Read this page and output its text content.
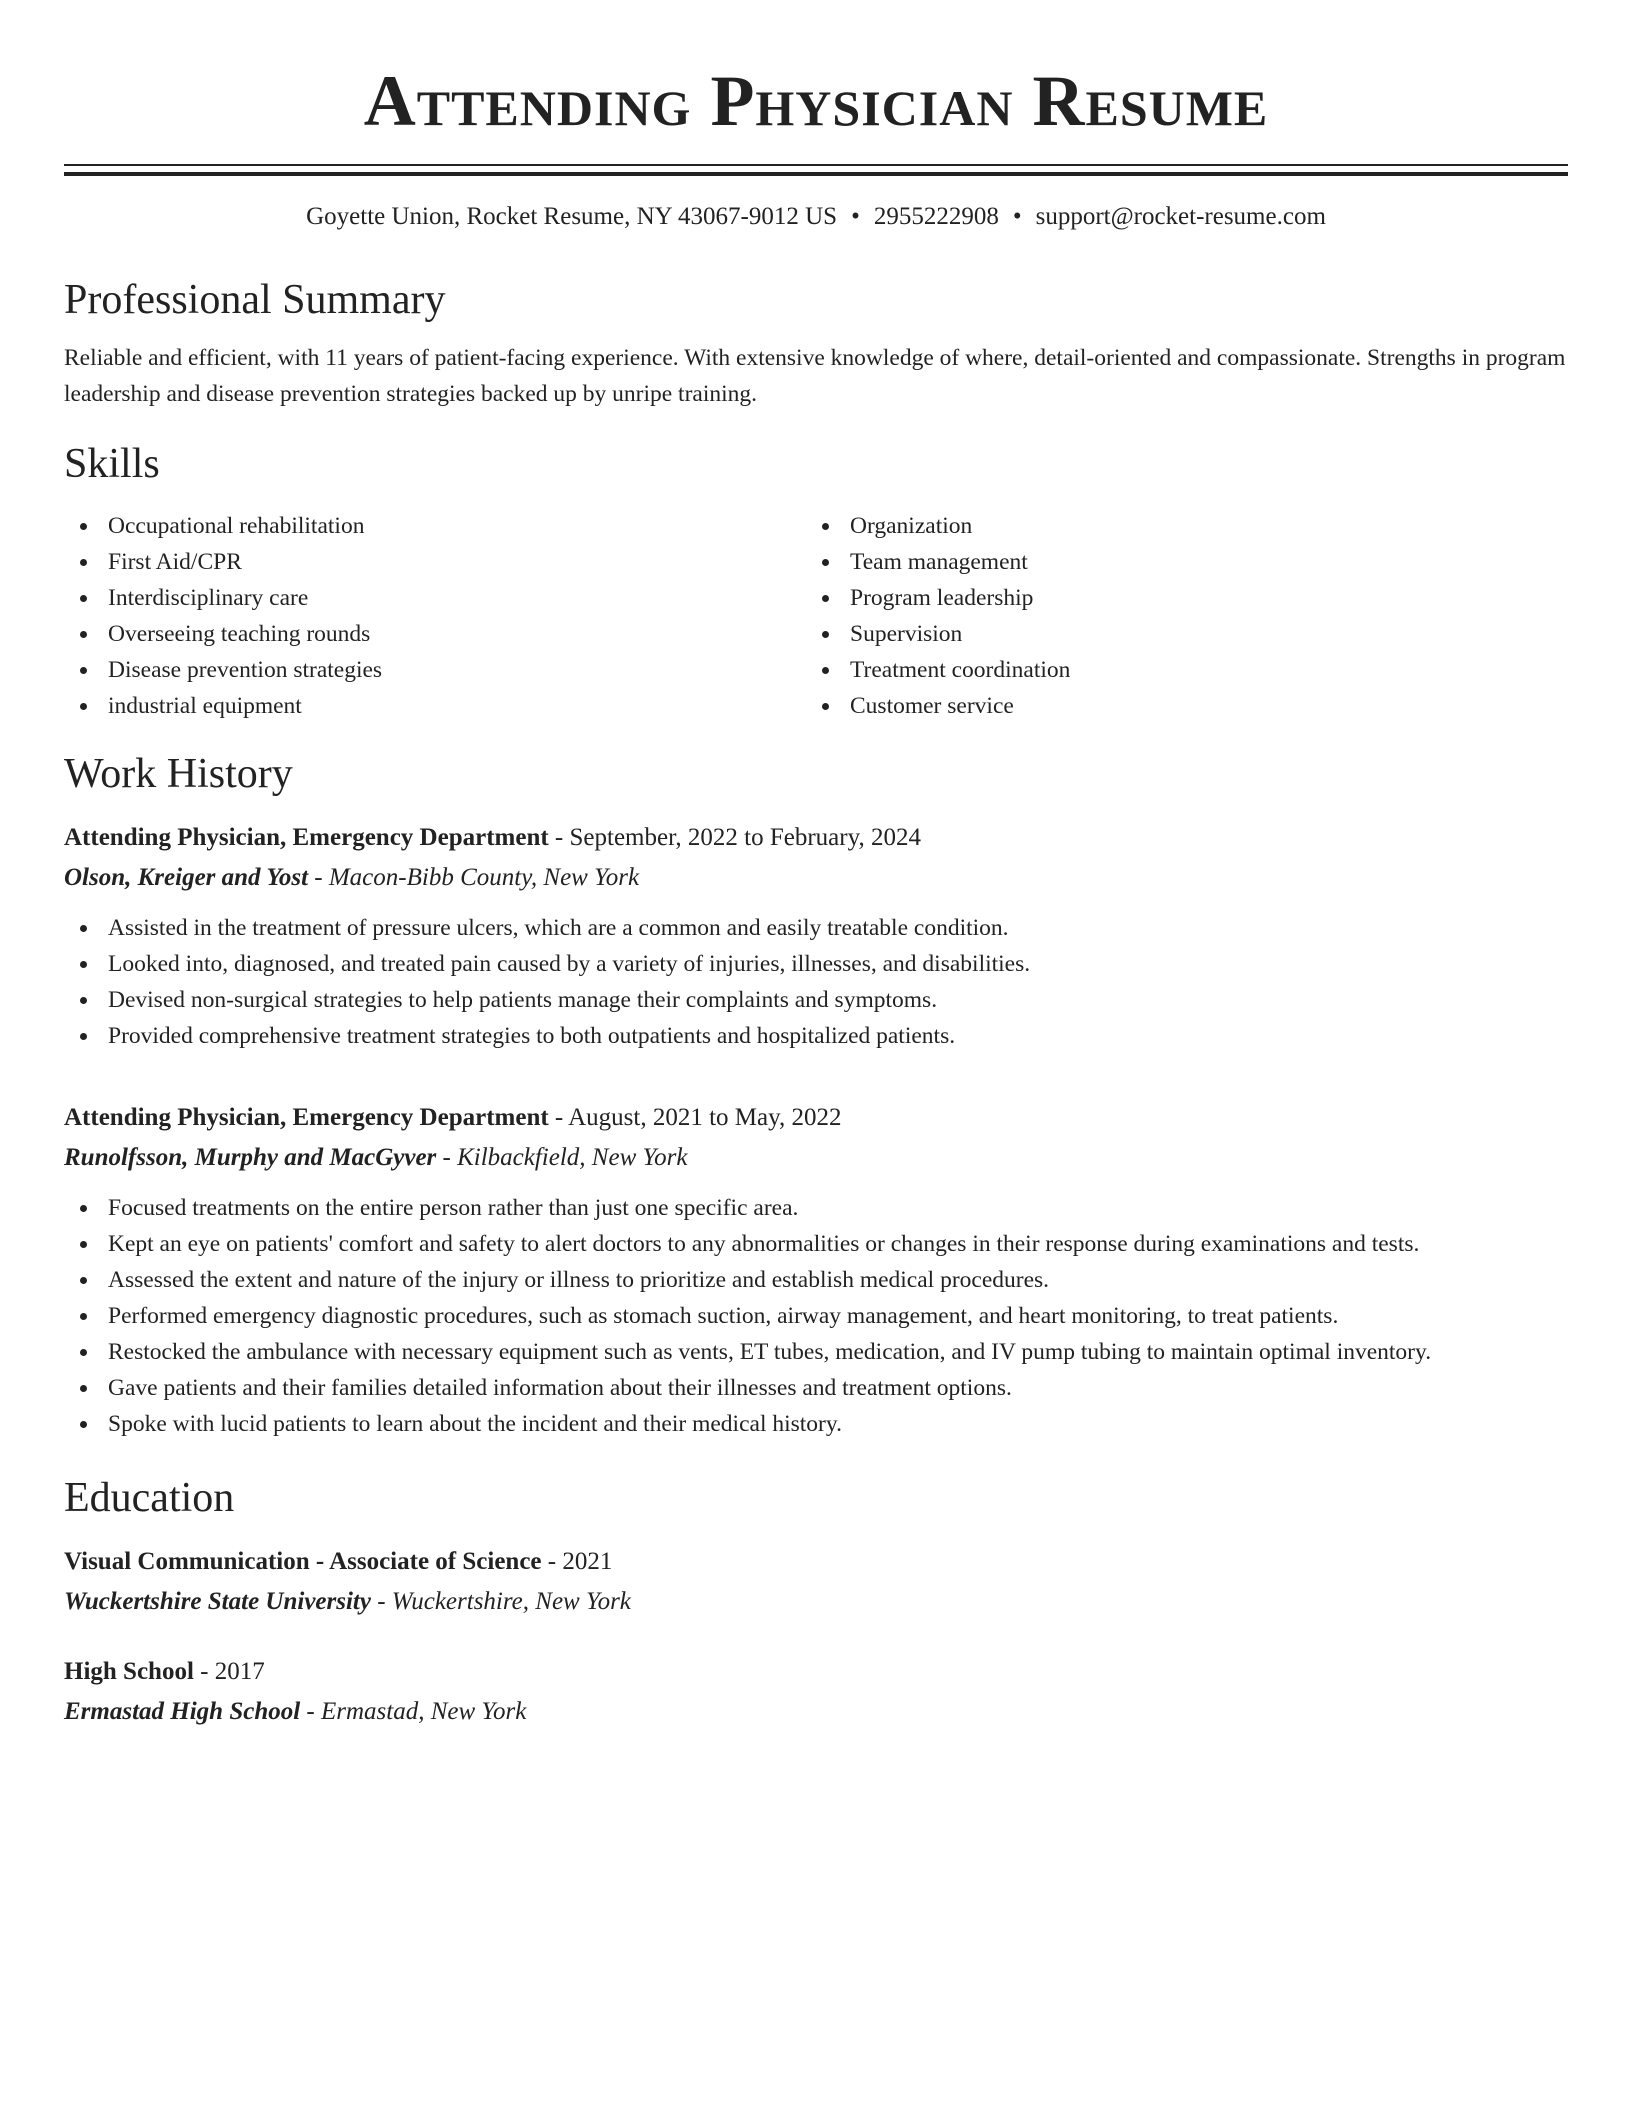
Attending Physician Resume
Goyette Union, Rocket Resume, NY 43067-9012 US • 2955222908 • support@rocket-resume.com
Professional Summary

Reliable and efficient, with 11 years of patient-facing experience. With extensive knowledge of where, detail-oriented and compassionate. Strengths in program leadership and disease prevention strategies backed up by unripe training.

Skills
Occupational rehabilitation
First Aid/CPR
Interdisciplinary care
Overseeing teaching rounds
Disease prevention strategies
industrial equipment
Organization
Team management
Program leadership
Supervision
Treatment coordination
Customer service
Work History
Attending Physician, Emergency Department - September, 2022 to February, 2024
Olson, Kreiger and Yost - Macon-Bibb County, New York
Assisted in the treatment of pressure ulcers, which are a common and easily treatable condition.
Looked into, diagnosed, and treated pain caused by a variety of injuries, illnesses, and disabilities.
Devised non-surgical strategies to help patients manage their complaints and symptoms.
Provided comprehensive treatment strategies to both outpatients and hospitalized patients.
Attending Physician, Emergency Department - August, 2021 to May, 2022
Runolfsson, Murphy and MacGyver - Kilbackfield, New York
Focused treatments on the entire person rather than just one specific area.
Kept an eye on patients' comfort and safety to alert doctors to any abnormalities or changes in their response during examinations and tests.
Assessed the extent and nature of the injury or illness to prioritize and establish medical procedures.
Performed emergency diagnostic procedures, such as stomach suction, airway management, and heart monitoring, to treat patients.
Restocked the ambulance with necessary equipment such as vents, ET tubes, medication, and IV pump tubing to maintain optimal inventory.
Gave patients and their families detailed information about their illnesses and treatment options.
Spoke with lucid patients to learn about the incident and their medical history.
Education
Visual Communication - Associate of Science - 2021
Wuckertshire State University - Wuckertshire, New York
High School - 2017
Ermastad High School - Ermastad, New York
